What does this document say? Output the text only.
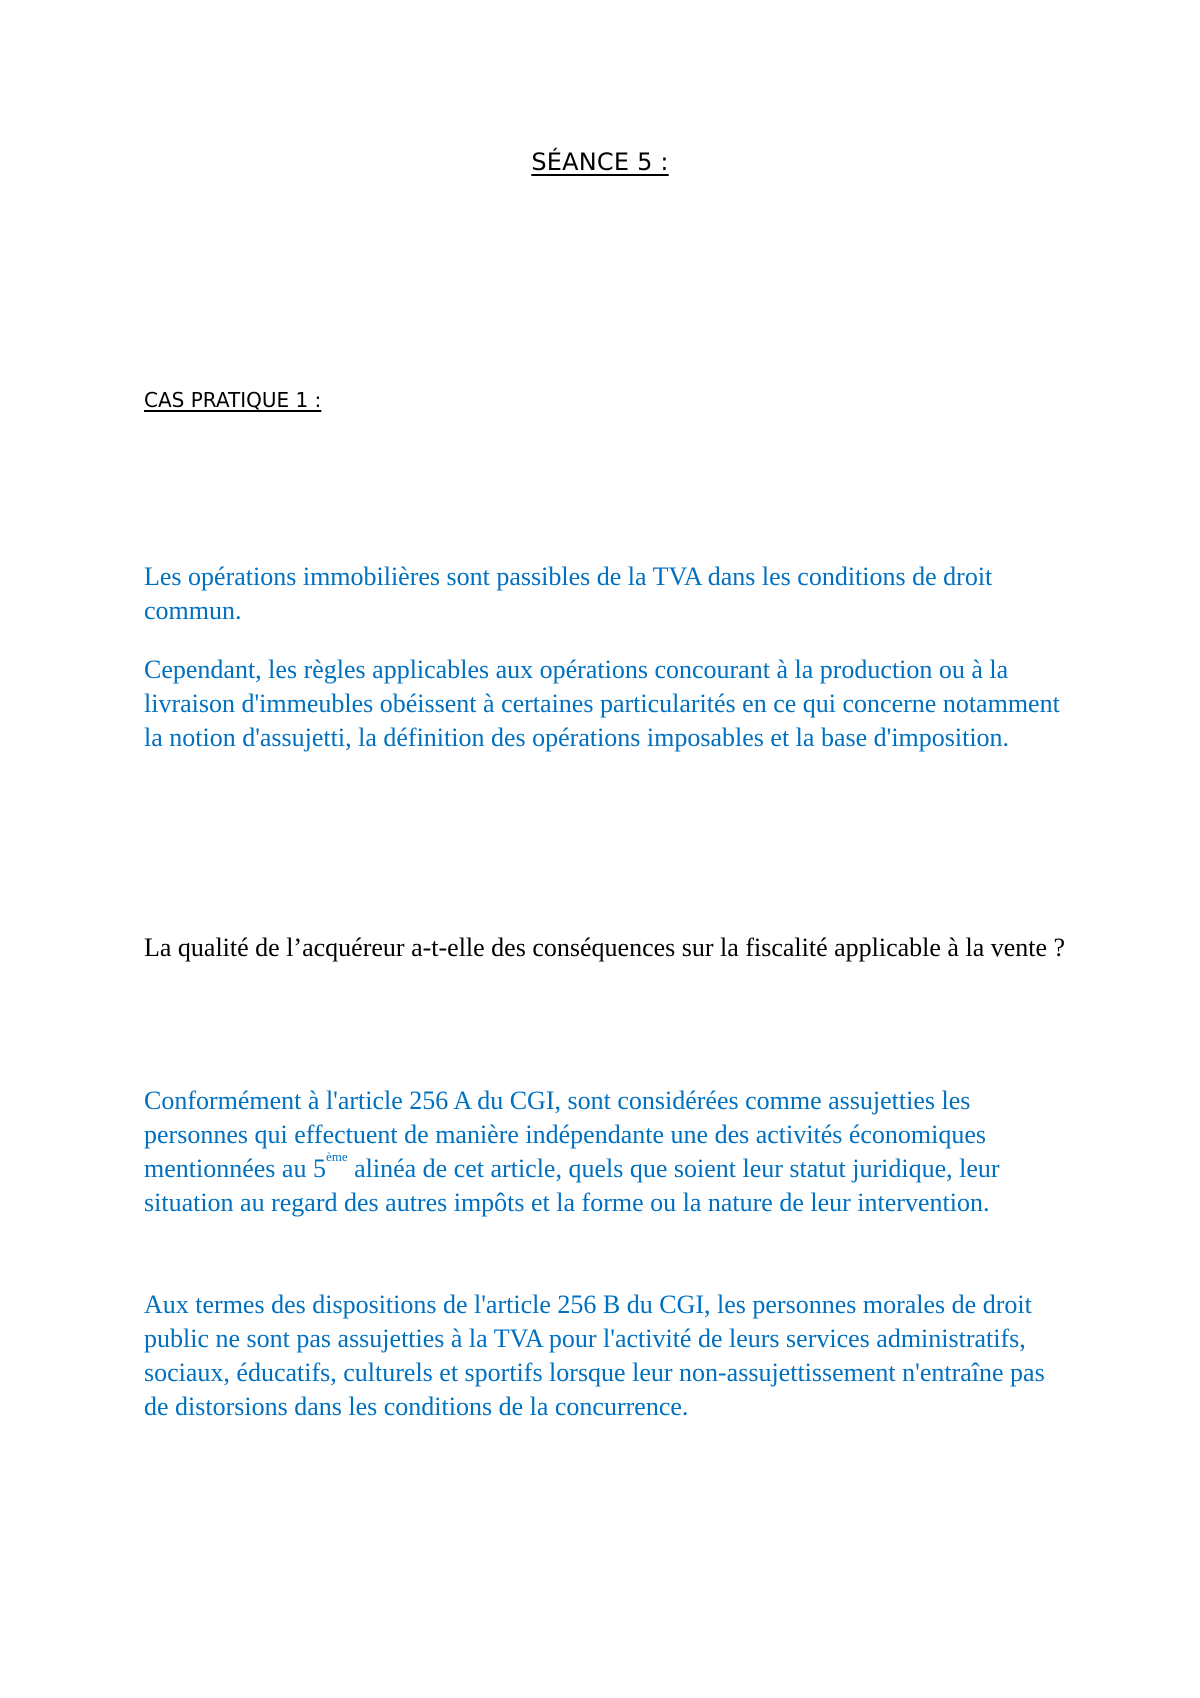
SÉANCE 5 :
CAS PRATIQUE 1 :

Les opérations immobilières sont passibles de la TVA dans les conditions de droit commun.

Cependant, les règles applicables aux opérations concourant à la production ou à la livraison d'immeubles obéissent à certaines particularités en ce qui concerne notamment la notion d'assujetti, la définition des opérations imposables et la base d'imposition.

La qualité de l’acquéreur a-t-elle des conséquences sur la fiscalité applicable à la vente ?

Conformément à l'article 256 A du CGI, sont considérées comme assujetties les personnes qui effectuent de manière indépendante une des activités économiques mentionnées au 5ème alinéa de cet article, quels que soient leur statut juridique, leur situation au regard des autres impôts et la forme ou la nature de leur intervention.

Aux termes des dispositions de l'article 256 B du CGI, les personnes morales de droit public ne sont pas assujetties à la TVA pour l'activité de leurs services administratifs, sociaux, éducatifs, culturels et sportifs lorsque leur non-assujettissement n'entraîne pas de distorsions dans les conditions de la concurrence.
